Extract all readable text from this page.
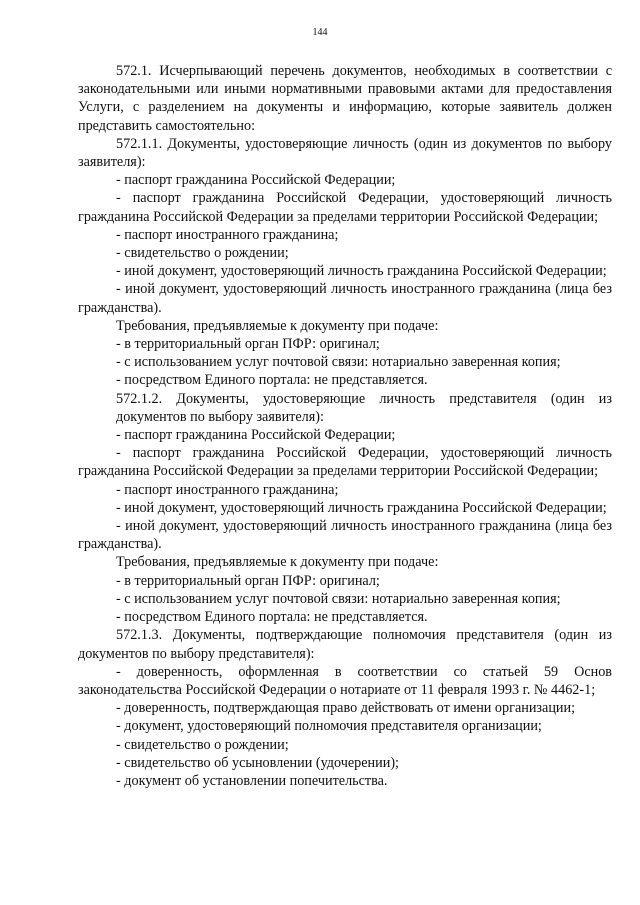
144

572.1. Исчерпывающий перечень документов, необходимых в соответствии с законодательными или иными нормативными правовыми актами для предоставления Услуги, с разделением на документы и информацию, которые заявитель должен представить самостоятельно:

572.1.1. Документы, удостоверяющие личность (один из документов по выбору заявителя):

- паспорт гражданина Российской Федерации;

- паспорт гражданина Российской Федерации, удостоверяющий личность гражданина Российской Федерации за пределами территории Российской Федерации;

- паспорт иностранного гражданина;

- свидетельство о рождении;

- иной документ, удостоверяющий личность гражданина Российской Федерации;

- иной документ, удостоверяющий личность иностранного гражданина (лица без гражданства).

Требования, предъявляемые к документу при подаче:

- в территориальный орган ПФР: оригинал;

- с использованием услуг почтовой связи: нотариально заверенная копия;

- посредством Единого портала: не представляется.

572.1.2. Документы, удостоверяющие личность представителя (один из документов по выбору заявителя):

- паспорт гражданина Российской Федерации;

- паспорт гражданина Российской Федерации, удостоверяющий личность гражданина Российской Федерации за пределами территории Российской Федерации;

- паспорт иностранного гражданина;

- иной документ, удостоверяющий личность гражданина Российской Федерации;

- иной документ, удостоверяющий личность иностранного гражданина (лица без гражданства).

Требования, предъявляемые к документу при подаче:

- в территориальный орган ПФР: оригинал;

- с использованием услуг почтовой связи: нотариально заверенная копия;

- посредством Единого портала: не представляется.

572.1.3. Документы, подтверждающие полномочия представителя (один из документов по выбору представителя):

- доверенность, оформленная в соответствии со статьей 59 Основ законодательства Российской Федерации о нотариате от 11 февраля 1993 г. № 4462-1;

- доверенность, подтверждающая право действовать от имени организации;

- документ, удостоверяющий полномочия представителя организации;

- свидетельство о рождении;

- свидетельство об усыновлении (удочерении);

- документ об установлении попечительства.
